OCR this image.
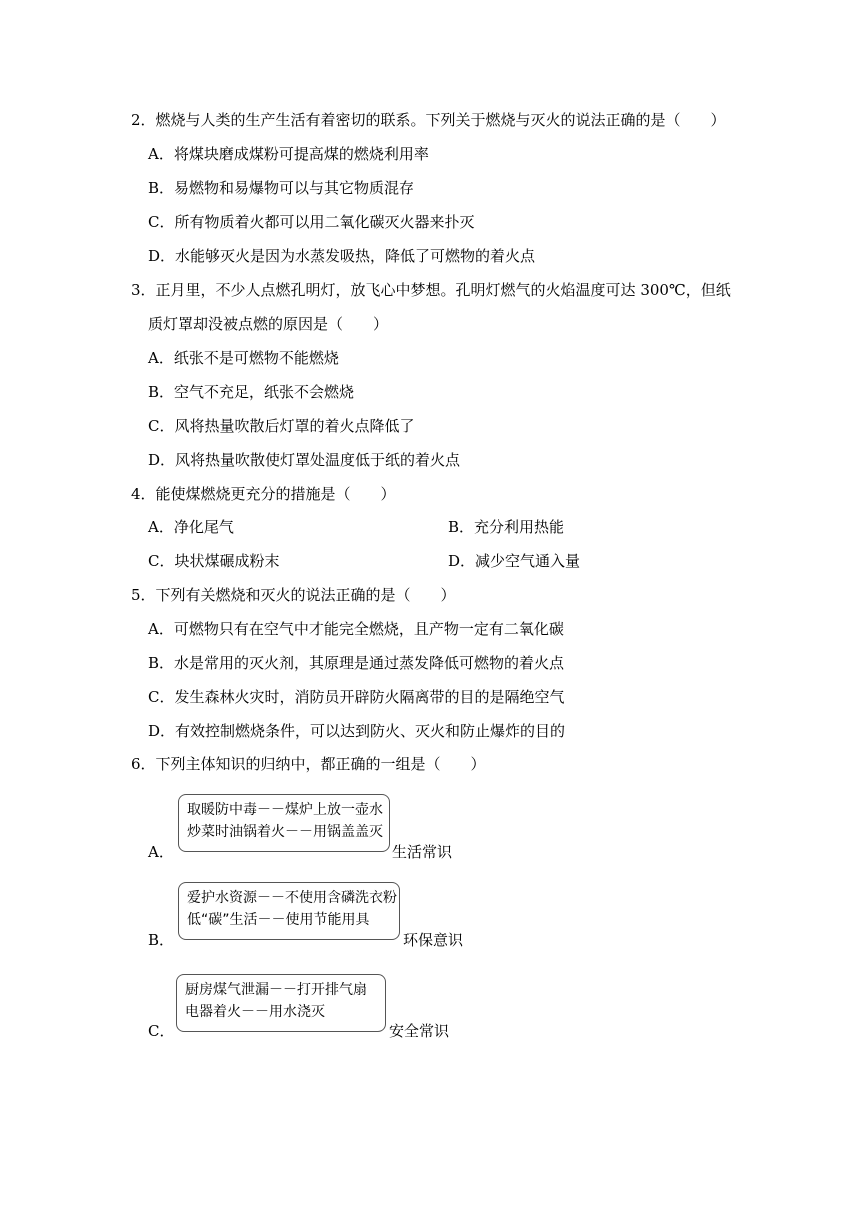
2．燃烧与人类的生产生活有着密切的联系。下列关于燃烧与灭火的说法正确的是（　　）
A．将煤块磨成煤粉可提高煤的燃烧利用率
B．易燃物和易爆物可以与其它物质混存
C．所有物质着火都可以用二氧化碳灭火器来扑灭
D．水能够灭火是因为水蒸发吸热，降低了可燃物的着火点
3．正月里，不少人点燃孔明灯，放飞心中梦想。孔明灯燃气的火焰温度可达 300℃，但纸
质灯罩却没被点燃的原因是（　　）
A．纸张不是可燃物不能燃烧
B．空气不充足，纸张不会燃烧
C．风将热量吹散后灯罩的着火点降低了
D．风将热量吹散使灯罩处温度低于纸的着火点
4．能使煤燃烧更充分的措施是（　　）
A．净化尾气	B．充分利用热能
C．块状煤碾成粉末	D．减少空气通入量
5．下列有关燃烧和灭火的说法正确的是（　　）
A．可燃物只有在空气中才能完全燃烧，且产物一定有二氧化碳
B．水是常用的灭火剂，其原理是通过蒸发降低可燃物的着火点
C．发生森林火灾时，消防员开辟防火隔离带的目的是隔绝空气
D．有效控制燃烧条件，可以达到防火、灭火和防止爆炸的目的
6．下列主体知识的归纳中，都正确的一组是（　　）
A．
取暖防中毒－－煤炉上放一壶水
炒菜时油锅着火－－用锅盖盖灭
生活常识
B．
爱护水资源－－不使用含磷洗衣粉
低“碳”生活－－使用节能用具
环保意识
C．
厨房煤气泄漏－－打开排气扇
电器着火－－用水浇灭
安全常识
